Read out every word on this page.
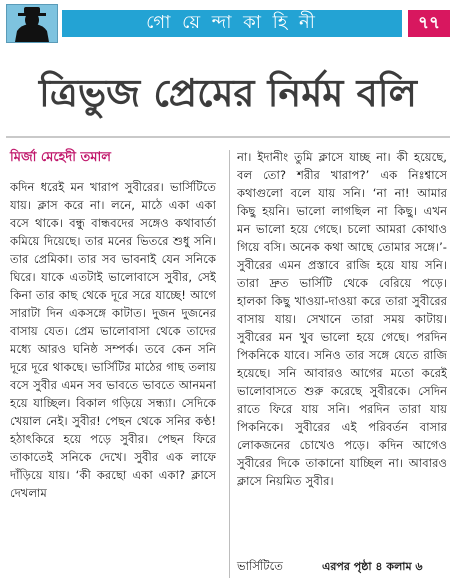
গো য়ে ন্দা কা হি নী	৭৭
ত্রিভুজ প্রেমের নির্মম বলি
মির্জা মেহেদী তমাল
কদিন ধরেই মন খারাপ সুবীরের। ভার্সিটিতে যায়। ক্লাস করে না। লনে, মাঠে একা একা বসে থাকে। বন্ধু বান্ধবদের সঙ্গেও কথাবার্তা কমিয়ে দিয়েছে। তার মনের ভিতরে শুধু সনি। তার প্রেমিকা। তার সব ভাবনাই যেন সনিকে ঘিরে। যাকে এতটাই ভালোবাসে সুবীর, সেই কিনা তার কাছ থেকে দূরে সরে যাচ্ছে! আগে সারাটা দিন একসঙ্গে কাটাত। দুজন দুজনের বাসায় যেত। প্রেম ভালোবাসা থেকে তাদের মধ্যে আরও ঘনিষ্ঠ সম্পর্ক। তবে কেন সনি দূরে দূরে থাকছে। ভার্সিটির মাঠের গাছ তলায় বসে সুবীর এমন সব ভাবতে ভাবতে আনমনা হয়ে যাচ্ছিল। বিকাল গড়িয়ে সন্ধ্যা। সেদিকে খেয়াল নেই। সুবীর! পেছন থেকে সনির কণ্ঠ! হঠাৎকিরে হয়ে পড়ে সুবীর। পেছন ফিরে তাকাতেই সনিকে দেখে। সুবীর এক লাফে দাঁড়িয়ে যায়। ‘কী করছো একা একা? ক্লাসে দেখলাম
না। ইদানীং তুমি ক্লাসে যাচ্ছ না। কী হয়েছে, বল তো? শরীর খারাপ?’ এক নিঃশ্বাসে কথাগুলো বলে যায় সনি। ‘না না! আমার কিছু হয়নি। ভালো লাগছিল না কিছু। এখন মন ভালো হয়ে গেছে। চলো আমরা কোথাও গিয়ে বসি। অনেক কথা আছে তোমার সঙ্গে।’- সুবীরের এমন প্রস্তাবে রাজি হয়ে যায় সনি। তারা দ্রুত ভার্সিটি থেকে বেরিয়ে পড়ে। হালকা কিছু খাওয়া-দাওয়া করে তারা সুবীরের বাসায় যায়। সেখানে তারা সময় কাটায়। সুবীরের মন খুব ভালো হয়ে গেছে। পরদিন পিকনিকে যাবে। সনিও তার সঙ্গে যেতে রাজি হয়েছে। সনি আবারও আগের মতো করেই ভালোবাসতে শুরু করেছে সুবীরকে। সেদিন রাতে ফিরে যায় সনি। পরদিন তারা যায় পিকনিকে। সুবীরের এই পরিবর্তন বাসার লোকজনের চোখেও পড়ে। কদিন আগেও সুবীরের দিকে তাকানো যাচ্ছিল না। আবারও ক্লাসে নিয়মিত সুবীর।
ভার্সিটিতে	এরপর পৃষ্ঠা ৪ কলাম ৬
